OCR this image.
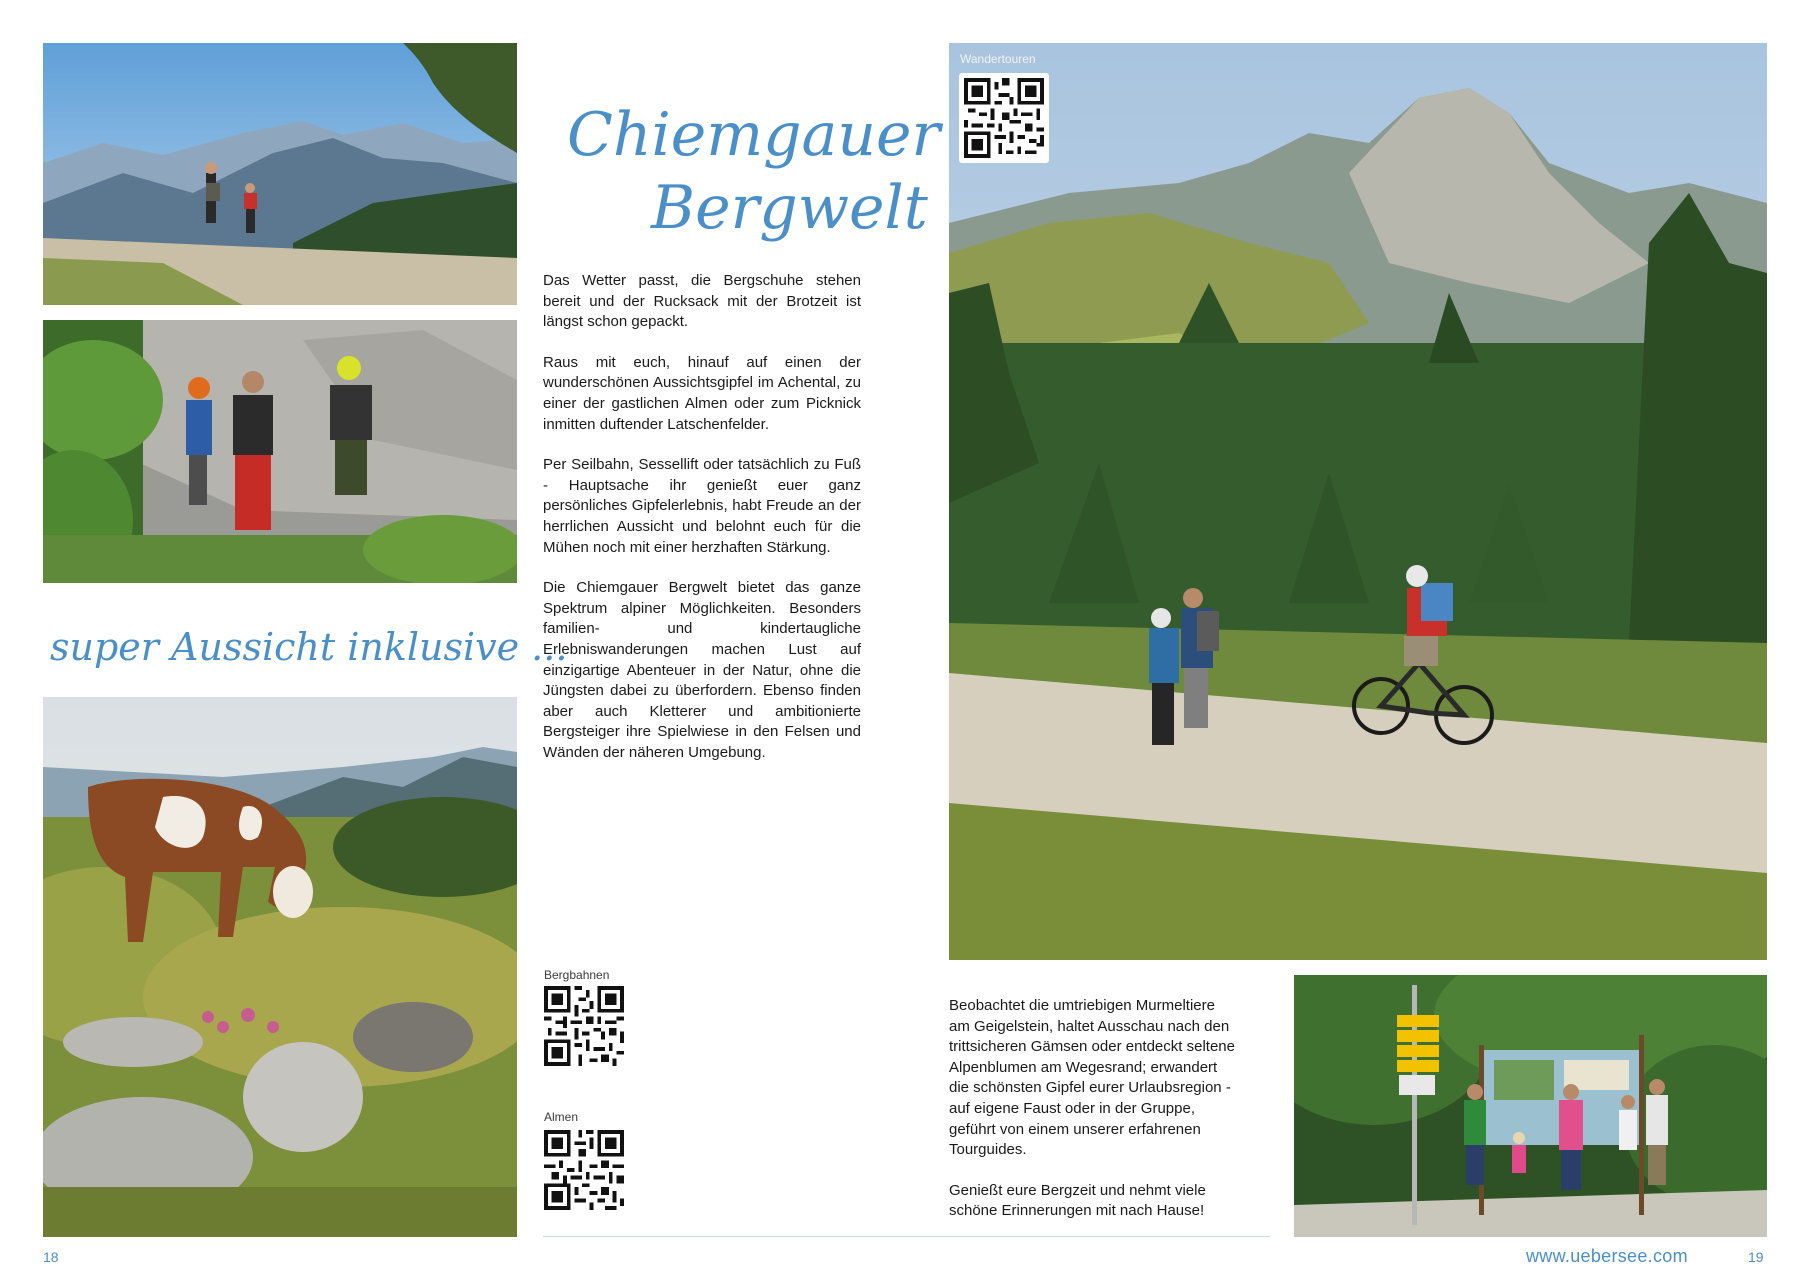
super Aussicht inklusive ...
Chiemgauer
Bergwelt

Das Wetter passt, die Bergschuhe stehen bereit und der Rucksack mit der Brotzeit ist längst schon gepackt.

Raus mit euch, hinauf auf einen der wunderschönen Aussichtsgipfel im Achental, zu einer der gastlichen Almen oder zum Picknick inmitten duftender Latschenfelder.

Per Seilbahn, Sessellift oder tatsächlich zu Fuß - Hauptsache ihr genießt euer ganz persönliches Gipfelerlebnis, habt Freude an der herrlichen Aussicht und belohnt euch für die Mühen noch mit einer herzhaften Stärkung.

Die Chiemgauer Bergwelt bietet das ganze Spektrum alpiner Möglichkeiten. Besonders familien- und kindertaugliche Erlebniswanderungen machen Lust auf einzigartige Abenteuer in der Natur, ohne die Jüngsten dabei zu überfordern. Ebenso finden aber auch Kletterer und ambitionierte Bergsteiger ihre Spielwiese in den Felsen und Wänden der näheren Umgebung.

Bergbahnen
Almen
Wandertouren

Beobachtet die umtriebigen Murmeltiere am Geigelstein, haltet Ausschau nach den trittsicheren Gämsen oder entdeckt seltene Alpenblumen am Wegesrand; erwandert die schönsten Gipfel eurer Urlaubsregion - auf eigene Faust oder in der Gruppe, geführt von einem unserer erfahrenen Tourguides.

Genießt eure Bergzeit und nehmt viele schöne Erinnerungen mit nach Hause!

18	www.uebersee.com	19
